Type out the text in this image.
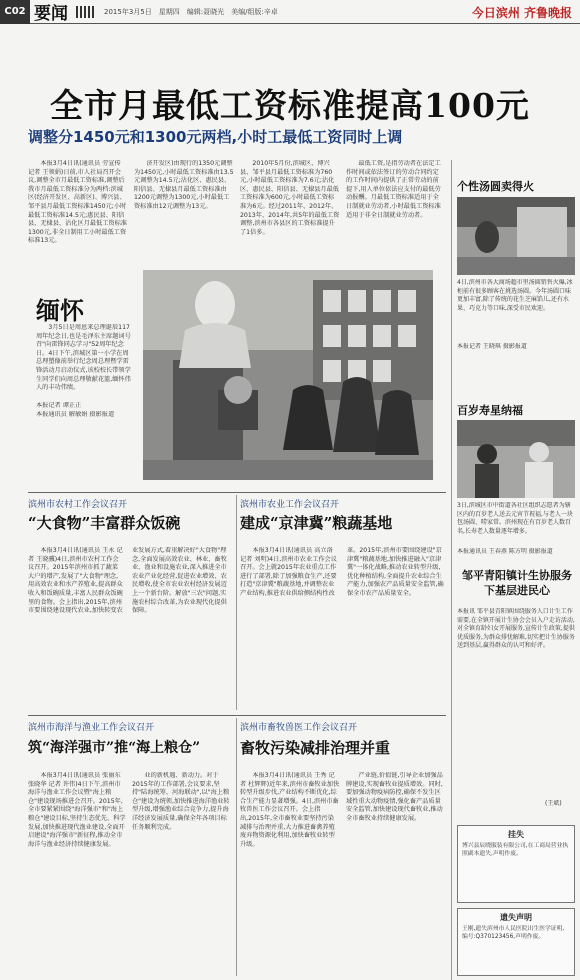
C02 要闻	2015年3月5日 星期四 编辑:聂晓光 美编/组版:辛卓	今日滨州 齐鲁晚报
全市月最低工资标准提高100元
调整分1450元和1300元两档,小时工最低工资同时上调

本报3月4日讯(通讯员 劳宣传 记者 王领娟)日前,市人社局召开会议,调整全市月最低工资标准,调整后我市月最低工资标准分为两档:滨城区(经济开发区、高新区)、博兴县、邹平县月最低工资标准1450元;小时最低工资标准14.5元;惠民县、阳信县、无棣县、沾化区月最低工资标准1300元,非全日制用工小时最低工资标准13元。

济开发区)由现行的1350元调整为1450元,小时最低工资标准由13.5元调整为14.5元;沾化区、惠民县、阳信县、无棣县月最低工资标准由1200元调整为1300元,小时最低工资标准由12元调整为13元。

2010年5月份,滨城区、博兴县、邹平县月最低工资标准为760元,小时最低工资标准为7.6元;沾化区、惠民县、阳信县、无棣县月最低工资标准为600元,小时最低工资标准为6元。经过2011年、2012年、2013年、2014年,共5年的最低工资调整,滨州市各县区的工资标准提升了1倍多。

最低工资,是指劳动者在法定工作时间或依法签订的劳动合同约定的工作时间内提供了正常劳动的前提下,用人单位依法应支付的最低劳动报酬。月最低工资标准适用于全日制就业劳动者,小时最低工资标准适用于非全日制就业劳动者。

缅怀

3月5日是周恩来总理诞辰117周年纪念日,也是毛泽东主席题词号召"向雷锋同志学习"52周年纪念日。4日下午,滨城区第一小学在周总理塑像前举行纪念周总理暨学雷锋活动月启动仪式,该校校长带领学生同学们向周总理敬献花篮,缅怀伟人的丰功伟绩。

本报记者 谭正正
本报通讯员 解敏娟 摄影报道
滨州市农村工作会议召开
“大食物”丰富群众饭碗

本报3月4日讯(通讯员 王永 记者 王晓骥)4日,滨州市农村工作会议召开。2015年滨州市抓了蔬菜大户的增产,发展了"大食物"理念,用高效农业和水产养殖业,提高群众收入和饭碗质量,丰富人民群众饭碗里的食物。会上指出,2015年,滨州市要围绕建设现代农业,加快转变农业发展方式,着重解决好"大食物"理念,全面发展高效农业、林业、畜牧业、渔业和设施农业,深入推进全市农业产业化经营,促进农业增效、农民增收,使全市农业农村经济发展迈上一个新台阶。解放"三农"问题,实施农村综合改革,为农业现代化提供保障。

滨州市农业工作会议召开
建成“京津冀”粮蔬基地

本报3月4日讯(通讯员 高立洛 记者 刘明)4日,滨州市农业工作会议召开。会上就2015年农业重点工作进行了部署,除了加强粮食生产,还要打造"京津冀"粮蔬基地,并调整农业产业结构,推进农业供给侧结构性改革。2015年,滨州市要围绕建设"京津冀"粮蔬基地,加快推进融入"京津冀"一体化战略,推动农业转型升级,优化种植结构,全面提升农业综合生产能力,加强农产品质量安全监管,确保全市农产品质量安全。

滨州市海洋与渔业工作会议召开
筑“海洋强市”推“海上粮仓”

本报3月4日讯(通讯员 张丽东 张晓华 记者 许伟)4日下午,滨州市海洋与渔业工作会议暨"海上粮仓"建设现场推进会召开。2015年,全市要紧紧围绕"海洋强市"和"海上粮仓"建设目标,坚持生态优先、科学发展,加快推进现代渔业建设,全面开启建设"海洋强市"新征程,推动全市海洋与渔业经济持续健康发展。

业的新机遇、新动力。对于2015年的工作部署,会议要求,坚持"陆海统筹、河海联动",以"海上粮仓"建设为统领,加快推进海洋渔业转型升级,增强渔业综合竞争力,提升海洋经济发展质量,确保全年各项目标任务顺利完成。

滨州市畜牧兽医工作会议召开
畜牧污染减排治理并重

本报3月4日讯(通讯员 王秀 记者 杜辉辉)近年来,滨州市畜牧业加快转型升级步伐,产业结构不断优化,综合生产能力显著增强。4日,滨州市畜牧兽医工作会议召开。会上指出,2015年,全市畜牧业要坚持污染减排与治理并重,大力推进畜禽养殖废弃物资源化利用,加快畜牧业转型升级。

产业链,价值链,引导企业加强品牌建设,实现畜牧业提质增效。同时,要加强动物疫病防控,确保不发生区域性重大动物疫情,强化畜产品质量安全监管,加快建设现代畜牧业,推动全市畜牧业持续健康发展。

个性汤圆卖得火

4日,滨州市各大商场超市里汤圆销售火爆,冰柜前有很多顾客在挑选汤圆。今年汤圆口味更加丰富,除了传统的花生芝麻馅儿,还有水果、巧克力等口味,深受市民欢迎。

本报记者 王晓琪 摄影报道
百岁寿星纳福

3日,滨城区市中街道各社区组织志愿者为辖区内的百岁老人送去元宵节祝福,与老人一块包汤圆、唠家常。滨州现在有百岁老人数百名,长寿老人数量逐年增多。

本报通讯员 王春燕 陈方明 摄影报道
邹平青阳镇计生协服务下基层进民心

本报讯 邹平县青阳镇围绕服务人口计生工作需要,在全镇开展计生协会会员入户走访活动,对全镇育龄妇女开展服务,宣传计生政策,提供优质服务,为群众排忧解难,切实把计生协服务送到基层,赢得群众的认可和好评。

(王斌)
挂失
博兴县辰晓服装有限公司,在工商局营业执照副本遗失,声明作废。
遗失声明
王刚,遗失滨州市人民医院出生医学证明,编号:Q370123456,声明作废。
